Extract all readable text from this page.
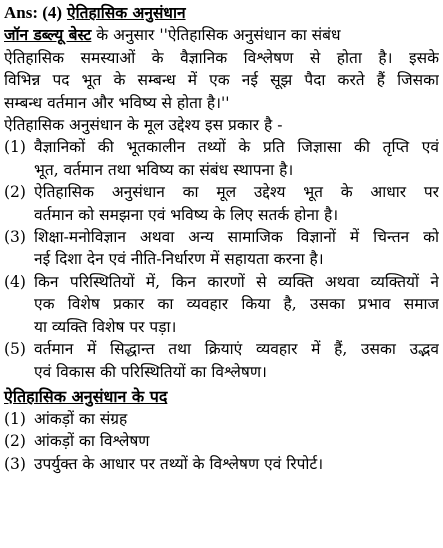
Ans: (4) ऐतिहासिक अनुसंधान
जॉन डब्ल्यू बेस्ट के अनुसार ''ऐतिहासिक अनुसंधान का संबंध
ऐतिहासिक समस्याओं के वैज्ञानिक विश्लेषण से होता है। इसके
विभिन्न पद भूत के सम्बन्ध में एक नई सूझ पैदा करते हैं जिसका
सम्बन्ध वर्तमान और भविष्य से होता है।''
ऐतिहासिक अनुसंधान के मूल उद्देश्य इस प्रकार है -
(1) वैज्ञानिकों की भूतकालीन तथ्यों के प्रति जिज्ञासा की तृप्ति एवं
भूत, वर्तमान तथा भविष्य का संबंध स्थापना है।
(2) ऐतिहासिक अनुसंधान का मूल उद्देश्य भूत के आधार पर
वर्तमान को समझना एवं भविष्य के लिए सतर्क होना है।
(3) शिक्षा-मनोविज्ञान अथवा अन्य सामाजिक विज्ञानों में चिन्तन को
नई दिशा देन एवं नीति-निर्धारण में सहायता करना है।
(4) किन परिस्थितियों में, किन कारणों से व्यक्ति अथवा व्यक्तियों ने
एक विशेष प्रकार का व्यवहार किया है, उसका प्रभाव समाज
या व्यक्ति विशेष पर पड़ा।
(5) वर्तमान में सिद्धान्त तथा क्रियाएं व्यवहार में हैं, उसका उद्भव
एवं विकास की परिस्थितियों का विश्लेषण।
ऐतिहासिक अनुसंधान के पद
(1) आंकड़ों का संग्रह
(2) आंकड़ों का विश्लेषण
(3) उपर्युक्त के आधार पर तथ्यों के विश्लेषण एवं रिपोर्ट।
